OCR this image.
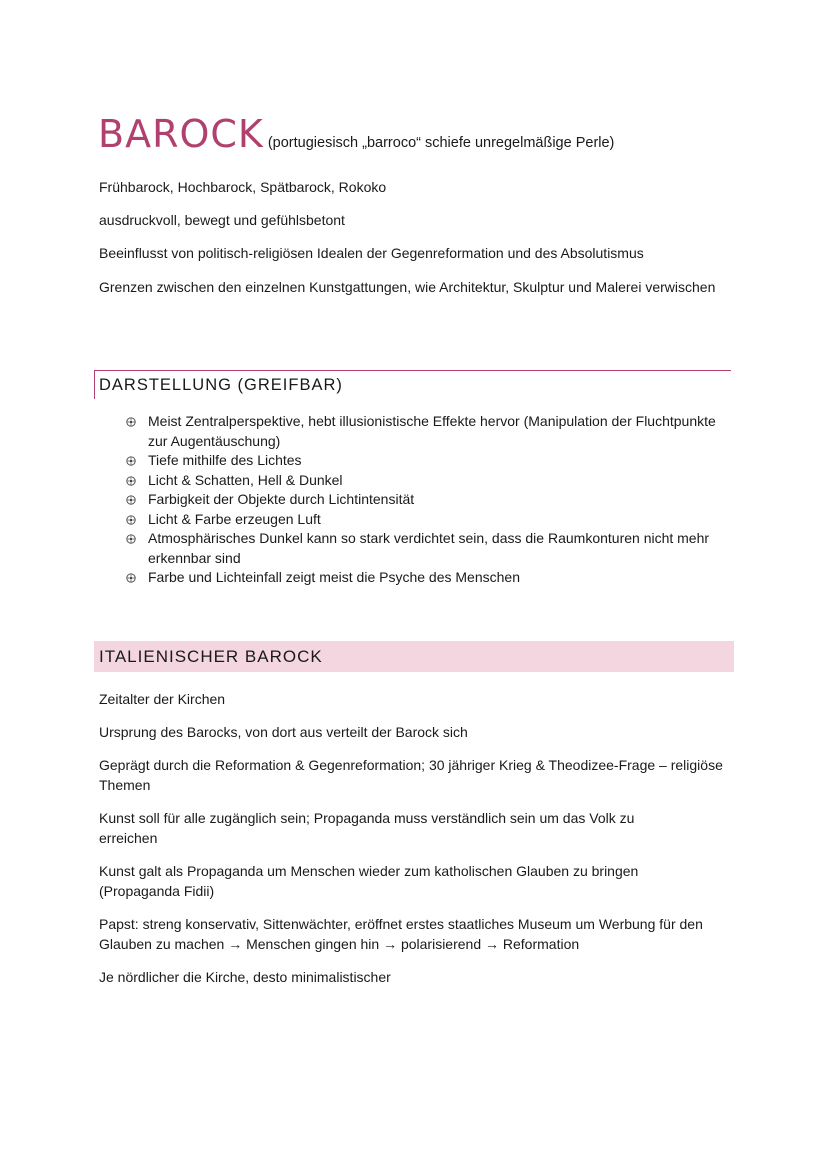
BAROCK (portugiesisch „barroco“ schiefe unregelmäßige Perle)
Frühbarock, Hochbarock, Spätbarock, Rokoko
ausdruckvoll, bewegt und gefühlsbetont
Beeinflusst von politisch-religiösen Idealen der Gegenreformation und des Absolutismus
Grenzen zwischen den einzelnen Kunstgattungen, wie Architektur, Skulptur und Malerei verwischen
DARSTELLUNG (GREIFBAR)
Meist Zentralperspektive, hebt illusionistische Effekte hervor (Manipulation der Fluchtpunkte zur Augentäuschung)
Tiefe mithilfe des Lichtes
Licht & Schatten, Hell & Dunkel
Farbigkeit der Objekte durch Lichtintensität
Licht & Farbe erzeugen Luft
Atmosphärisches Dunkel kann so stark verdichtet sein, dass die Raumkonturen nicht mehr erkennbar sind
Farbe und Lichteinfall zeigt meist die Psyche des Menschen
ITALIENISCHER BAROCK
Zeitalter der Kirchen
Ursprung des Barocks, von dort aus verteilt der Barock sich
Geprägt durch die Reformation & Gegenreformation; 30 jähriger Krieg & Theodizee-Frage – religiöse Themen
Kunst soll für alle zugänglich sein; Propaganda muss verständlich sein um das Volk zu erreichen
Kunst galt als Propaganda um Menschen wieder zum katholischen Glauben zu bringen (Propaganda Fidii)
Papst: streng konservativ, Sittenwächter, eröffnet erstes staatliches Museum um Werbung für den Glauben zu machen → Menschen gingen hin → polarisierend → Reformation
Je nördlicher die Kirche, desto minimalistischer
